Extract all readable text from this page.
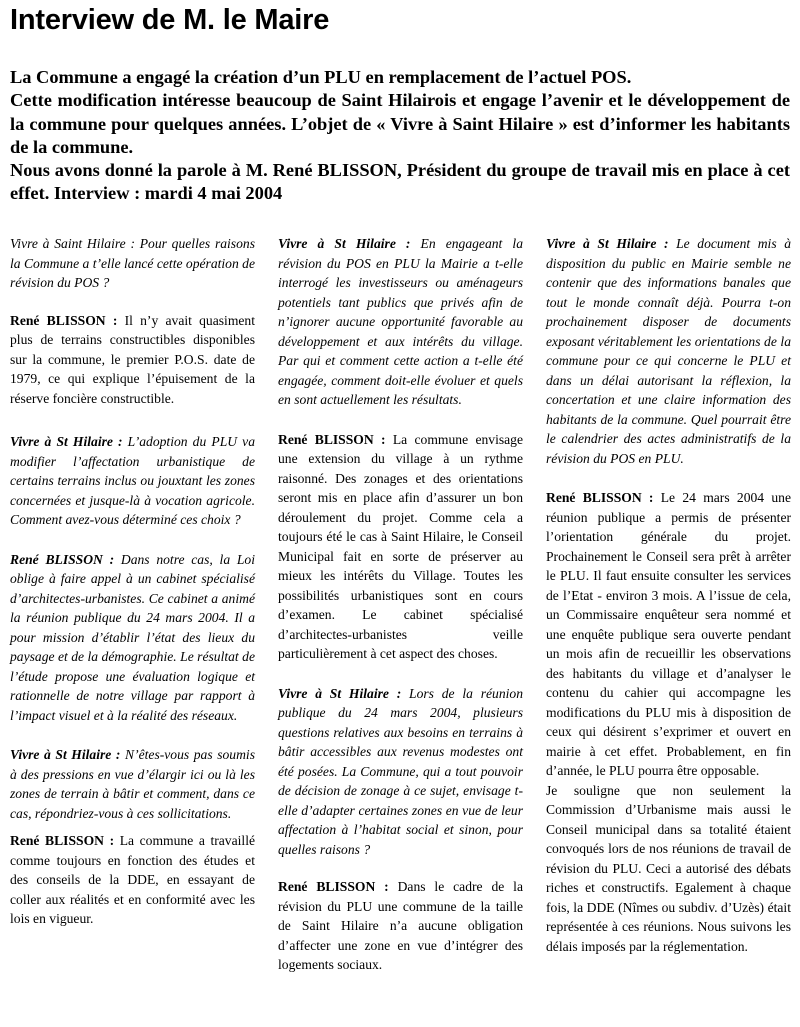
Interview de M. le Maire

La Commune a engagé la création d’un PLU en remplacement de l’actuel POS.

Cette modification intéresse beaucoup de Saint Hilairois et engage l’avenir et le développement de la commune pour quelques années. L’objet de « Vivre à Saint Hilaire » est d’informer les habitants de la commune.

Nous avons donné la parole à M. René BLISSON, Président du groupe de travail mis en place à cet effet. Interview : mardi 4 mai 2004

Vivre à Saint Hilaire : Pour quelles raisons la Commune a t’elle lancé cette opération de révision du POS ?

René BLISSON : Il n’y avait quasiment plus de terrains constructibles disponibles sur la commune, le premier P.O.S. date de 1979, ce qui explique l’épuisement de la réserve foncière constructible.

Vivre à St Hilaire : L’adoption du PLU va modifier l’affectation urbanistique de certains terrains inclus ou jouxtant les zones concernées et jusque-là à vocation agricole. Comment avez-vous déterminé ces choix ?

René BLISSON : Dans notre cas, la Loi oblige à faire appel à un cabinet spécialisé d’architectes-urbanistes. Ce cabinet a animé la réunion publique du 24 mars 2004. Il a pour mission d’établir l’état des lieux du paysage et de la démographie. Le résultat de l’étude propose une évaluation logique et rationnelle de notre village par rapport à l’impact visuel et à la réalité des réseaux.

Vivre à St Hilaire : N’êtes-vous pas soumis à des pressions en vue d’élargir ici ou là les zones de terrain à bâtir et comment, dans ce cas, répondriez-vous à ces sollicitations.

René BLISSON : La commune a travaillé comme toujours en fonction des études et des conseils de la DDE, en essayant de coller aux réalités et en conformité avec les lois en vigueur.

Vivre à St Hilaire : En engageant la révision du POS en PLU la Mairie a t-elle interrogé les investisseurs ou aménageurs potentiels tant publics que privés afin de n’ignorer aucune opportunité favorable au développement et aux intérêts du village. Par qui et comment cette action a t-elle été engagée, comment doit-elle évoluer et quels en sont actuellement les résultats.

René BLISSON : La commune envisage une extension du village à un rythme raisonné. Des zonages et des orientations seront mis en place afin d’assurer un bon déroulement du projet. Comme cela a toujours été le cas à Saint Hilaire, le Conseil Municipal fait en sorte de préserver au mieux les intérêts du Village. Toutes les possibilités urbanistiques sont en cours d’examen. Le cabinet spécialisé d’architectes-urbanistes veille particulièrement à cet aspect des choses.

Vivre à St Hilaire : Lors de la réunion publique du 24 mars 2004, plusieurs questions relatives aux besoins en terrains à bâtir accessibles aux revenus modestes ont été posées. La Commune, qui a tout pouvoir de décision de zonage à ce sujet, envisage t-elle d’adapter certaines zones en vue de leur affectation à l’habitat social et sinon, pour quelles raisons ?

René BLISSON : Dans le cadre de la révision du PLU une commune de la taille de Saint Hilaire n’a aucune obligation d’affecter une zone en vue d’intégrer des logements sociaux.

Vivre à St Hilaire : Le document mis à disposition du public en Mairie semble ne contenir que des informations banales que tout le monde connaît déjà. Pourra t-on prochainement disposer de documents exposant véritablement les orientations de la commune pour ce qui concerne le PLU et dans un délai autorisant la réflexion, la concertation et une claire information des habitants de la commune. Quel pourrait être le calendrier des actes administratifs de la révision du POS en PLU.

René BLISSON : Le 24 mars 2004 une réunion publique a permis de présenter l’orientation générale du projet. Prochainement le Conseil sera prêt à arrêter le PLU. Il faut ensuite consulter les services de l’Etat - environ 3 mois. A l’issue de cela, un Commissaire enquêteur sera nommé et une enquête publique sera ouverte pendant un mois afin de recueillir les observations des habitants du village et d’analyser le contenu du cahier qui accompagne les modifications du PLU mis à disposition de ceux qui désirent s’exprimer et ouvert en mairie à cet effet. Probablement, en fin d’année, le PLU pourra être opposable.

Je souligne que non seulement la Commission d’Urbanisme mais aussi le Conseil municipal dans sa totalité étaient convoqués lors de nos réunions de travail de révision du PLU. Ceci a autorisé des débats riches et constructifs. Egalement à chaque fois, la DDE (Nîmes ou subdiv. d’Uzès) était représentée à ces réunions. Nous suivons les délais imposés par la réglementation.
